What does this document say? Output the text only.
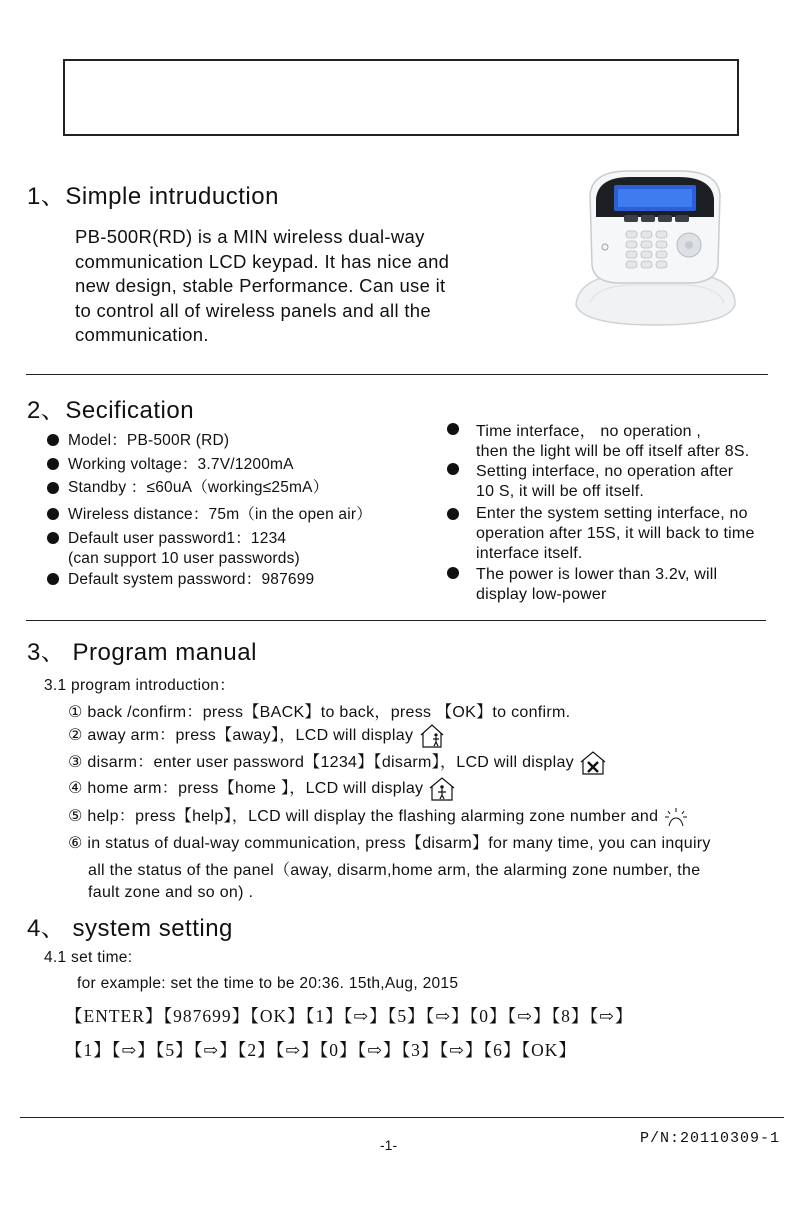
1、Simple intruduction
PB-500R(RD) is a MIN wireless dual-way
communication LCD keypad. It has nice and
new design, stable Performance. Can use it
to control all of wireless panels and all the
communication.
2、Secification
Model：PB-500R (RD)
Working voltage：3.7V/1200mA
Standby ：≤60uA（working≤25mA）
Wireless distance：75m（in the open air）
Default user password1：1234
(can support 10 user passwords)
Default system password：987699
Time interface， no operation ,
then the light will be off itself after 8S.
Setting interface, no operation after
10 S, it will be off itself.
Enter the system setting interface, no
operation after 15S, it will back to time
interface itself.
The power is lower than 3.2v, will
display low-power
3、 Program manual
3.1 program introduction：
① back /confirm：press【BACK】to back，press 【OK】to confirm.
② away arm：press【away】，LCD will display
③ disarm：enter user password【1234】【disarm】，LCD will display
④ home arm：press【home 】，LCD will display
⑤ help：press【help】，LCD will display the flashing alarming zone number and
⑥ in status of dual-way communication, press【disarm】for many time, you can inquiry
all the status of the panel（away, disarm,home arm, the alarming zone number, the
fault zone and so on) .
4、 system setting
4.1 set time:
for example: set the time to be 20:36. 15th,Aug, 2015
【ENTER】【987699】【OK】【1】【⇨】【5】【⇨】【0】【⇨】【8】【⇨】
【1】【⇨】【5】【⇨】【2】【⇨】【0】【⇨】【3】【⇨】【6】【OK】
-1-	P/N:20110309-1
